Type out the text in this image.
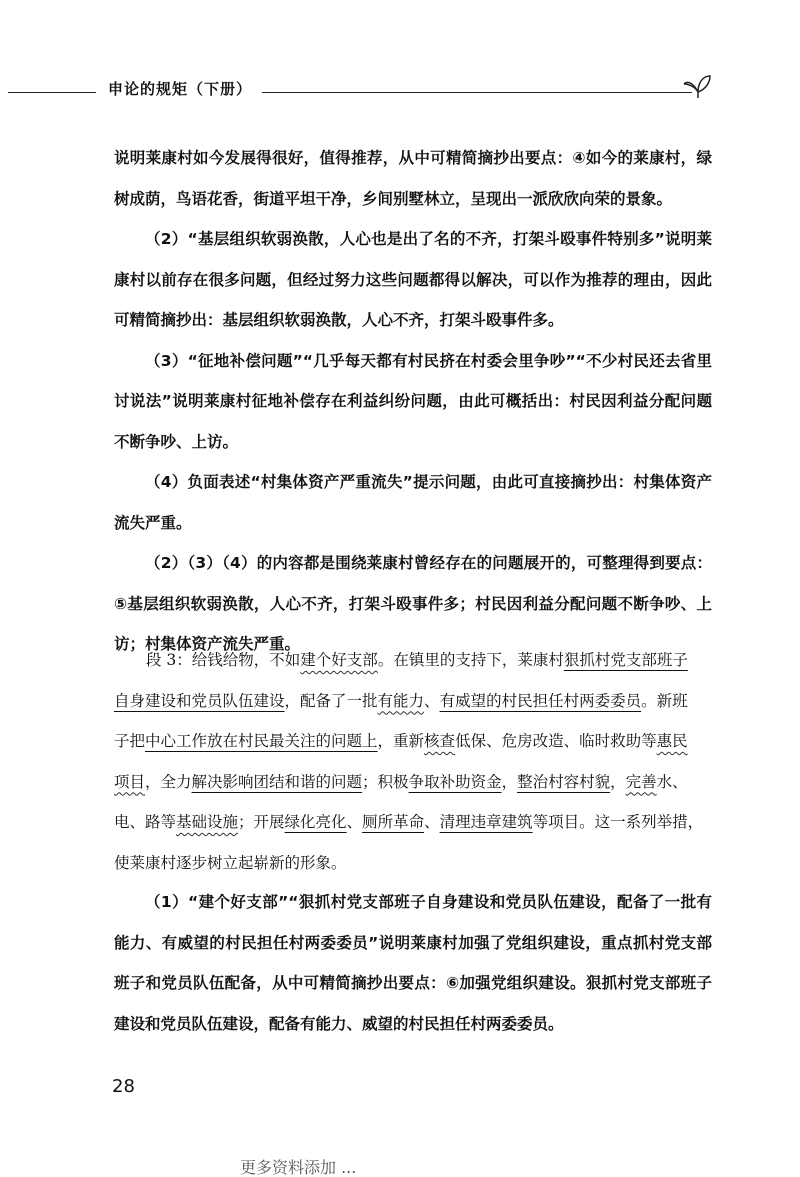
申论的规矩（下册）

说明莱康村如今发展得很好，值得推荐，从中可精简摘抄出要点：④如今的莱康村，绿树成荫，鸟语花香，街道平坦干净，乡间别墅林立，呈现出一派欣欣向荣的景象。

（2）“基层组织软弱涣散，人心也是出了名的不齐，打架斗殴事件特别多”说明莱康村以前存在很多问题，但经过努力这些问题都得以解决，可以作为推荐的理由，因此可精简摘抄出：基层组织软弱涣散，人心不齐，打架斗殴事件多。

（3）“征地补偿问题”“几乎每天都有村民挤在村委会里争吵”“不少村民还去省里讨说法”说明莱康村征地补偿存在利益纠纷问题，由此可概括出：村民因利益分配问题不断争吵、上访。

（4）负面表述“村集体资产严重流失”提示问题，由此可直接摘抄出：村集体资产流失严重。

（2）（3）（4）的内容都是围绕莱康村曾经存在的问题展开的，可整理得到要点：⑤基层组织软弱涣散，人心不齐，打架斗殴事件多；村民因利益分配问题不断争吵、上访；村集体资产流失严重。

段 3：给钱给物，不如建个好支部。在镇里的支持下，莱康村狠抓村党支部班子
自身建设和党员队伍建设，配备了一批有能力、有威望的村民担任村两委委员。新班
子把中心工作放在村民最关注的问题上，重新核查低保、危房改造、临时救助等惠民
项目，全力解决影响团结和谐的问题；积极争取补助资金，整治村容村貌，完善水、
电、路等基础设施；开展绿化亮化、厕所革命、清理违章建筑等项目。这一系列举措，
使莱康村逐步树立起崭新的形象。

（1）“建个好支部”“狠抓村党支部班子自身建设和党员队伍建设，配备了一批有能力、有威望的村民担任村两委委员”说明莱康村加强了党组织建设，重点抓村党支部班子和党员队伍配备，从中可精简摘抄出要点：⑥加强党组织建设。狠抓村党支部班子建设和党员队伍建设，配备有能力、威望的村民担任村两委委员。

28
更多资料添加 ...
